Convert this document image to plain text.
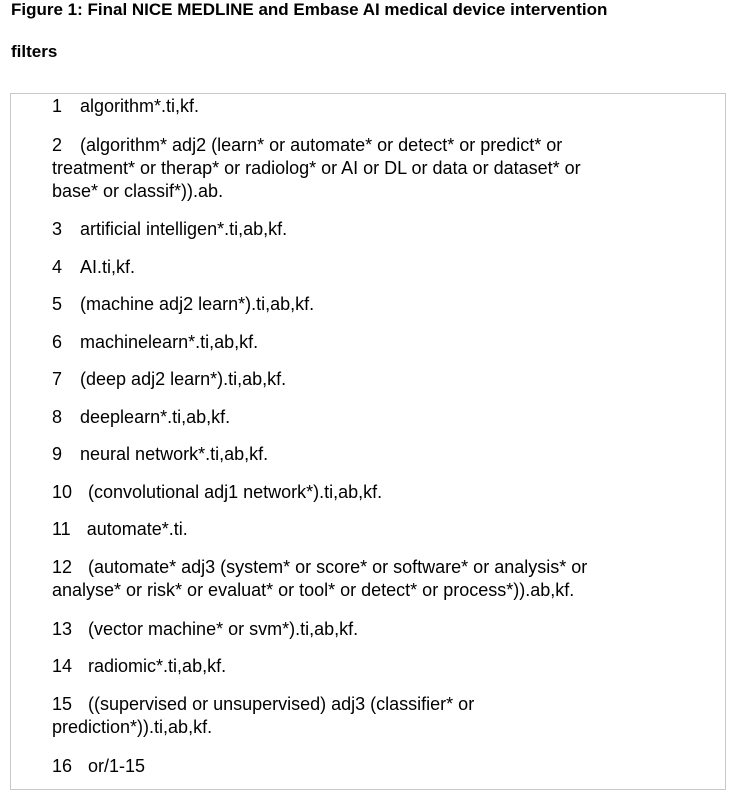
Figure 1: Final NICE MEDLINE and Embase AI medical device intervention
filters
1 algorithm*.ti,kf.
2 (algorithm* adj2 (learn* or automate* or detect* or predict* or
treatment* or therap* or radiolog* or AI or DL or data or dataset* or
base* or classif*)).ab.
3 artificial intelligen*.ti,ab,kf.
4 AI.ti,kf.
5 (machine adj2 learn*).ti,ab,kf.
6 machinelearn*.ti,ab,kf.
7 (deep adj2 learn*).ti,ab,kf.
8 deeplearn*.ti,ab,kf.
9 neural network*.ti,ab,kf.
10 (convolutional adj1 network*).ti,ab,kf.
11 automate*.ti.
12 (automate* adj3 (system* or score* or software* or analysis* or
analyse* or risk* or evaluat* or tool* or detect* or process*)).ab,kf.
13 (vector machine* or svm*).ti,ab,kf.
14 radiomic*.ti,ab,kf.
15 ((supervised or unsupervised) adj3 (classifier* or
prediction*)).ti,ab,kf.
16 or/1-15
